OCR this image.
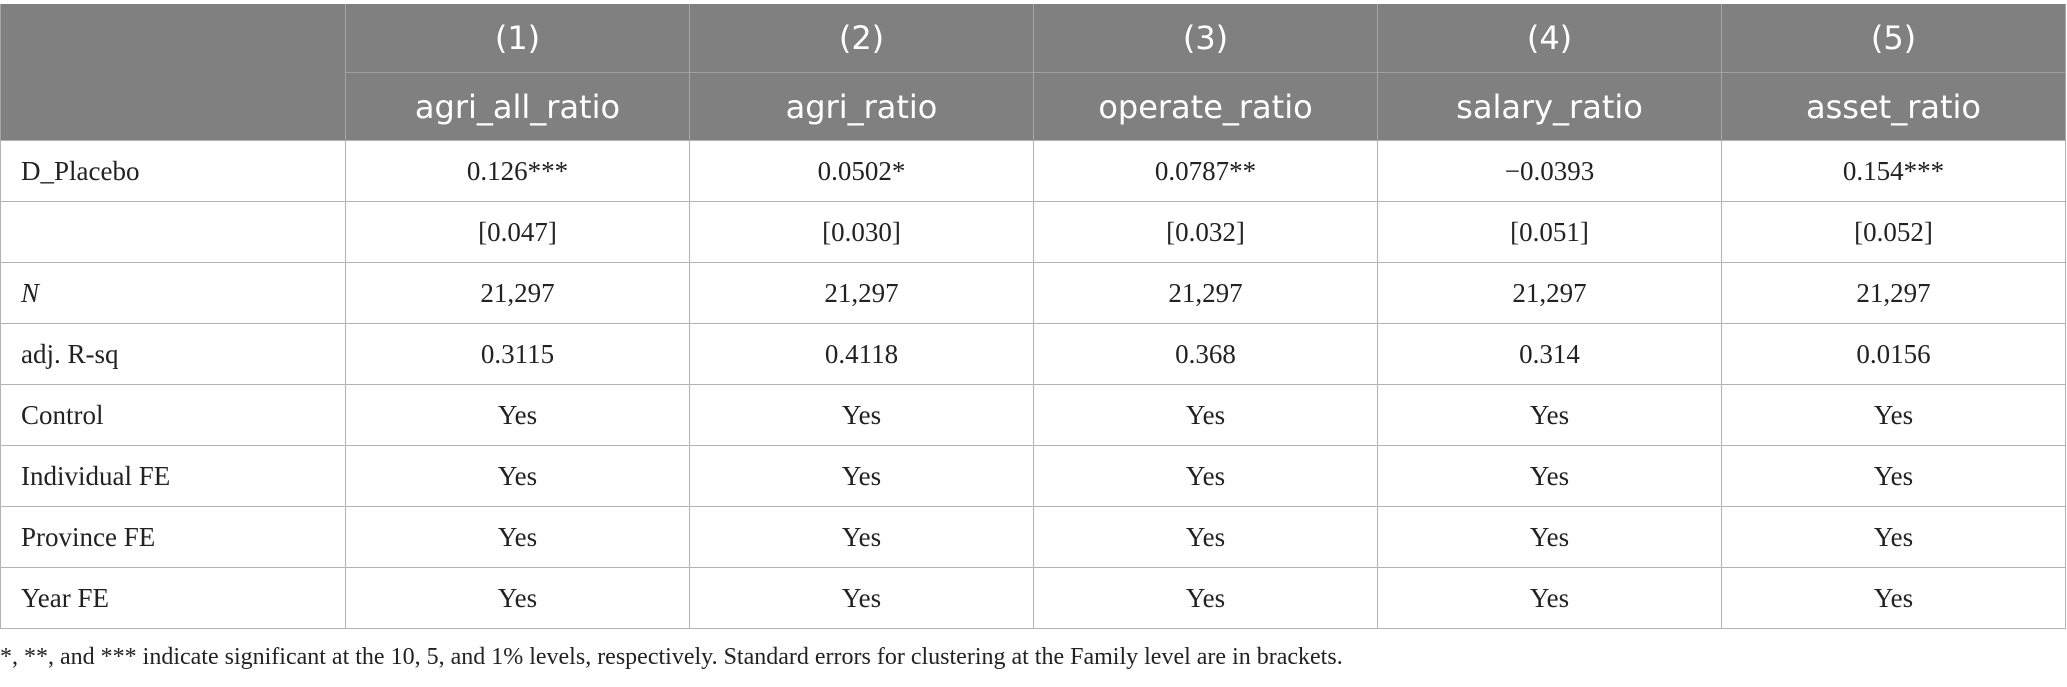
	(1)	(2)	(3)	(4)	(5)
	agri_all_ratio	agri_ratio	operate_ratio	salary_ratio	asset_ratio
D_Placebo	0.126***	0.0502*	0.0787**	−0.0393	0.154***
	[0.047]	[0.030]	[0.032]	[0.051]	[0.052]
N	21,297	21,297	21,297	21,297	21,297
adj. R-sq	0.3115	0.4118	0.368	0.314	0.0156
Control	Yes	Yes	Yes	Yes	Yes
Individual FE	Yes	Yes	Yes	Yes	Yes
Province FE	Yes	Yes	Yes	Yes	Yes
Year FE	Yes	Yes	Yes	Yes	Yes
*, **, and *** indicate significant at the 10, 5, and 1% levels, respectively. Standard errors for clustering at the Family level are in brackets.
